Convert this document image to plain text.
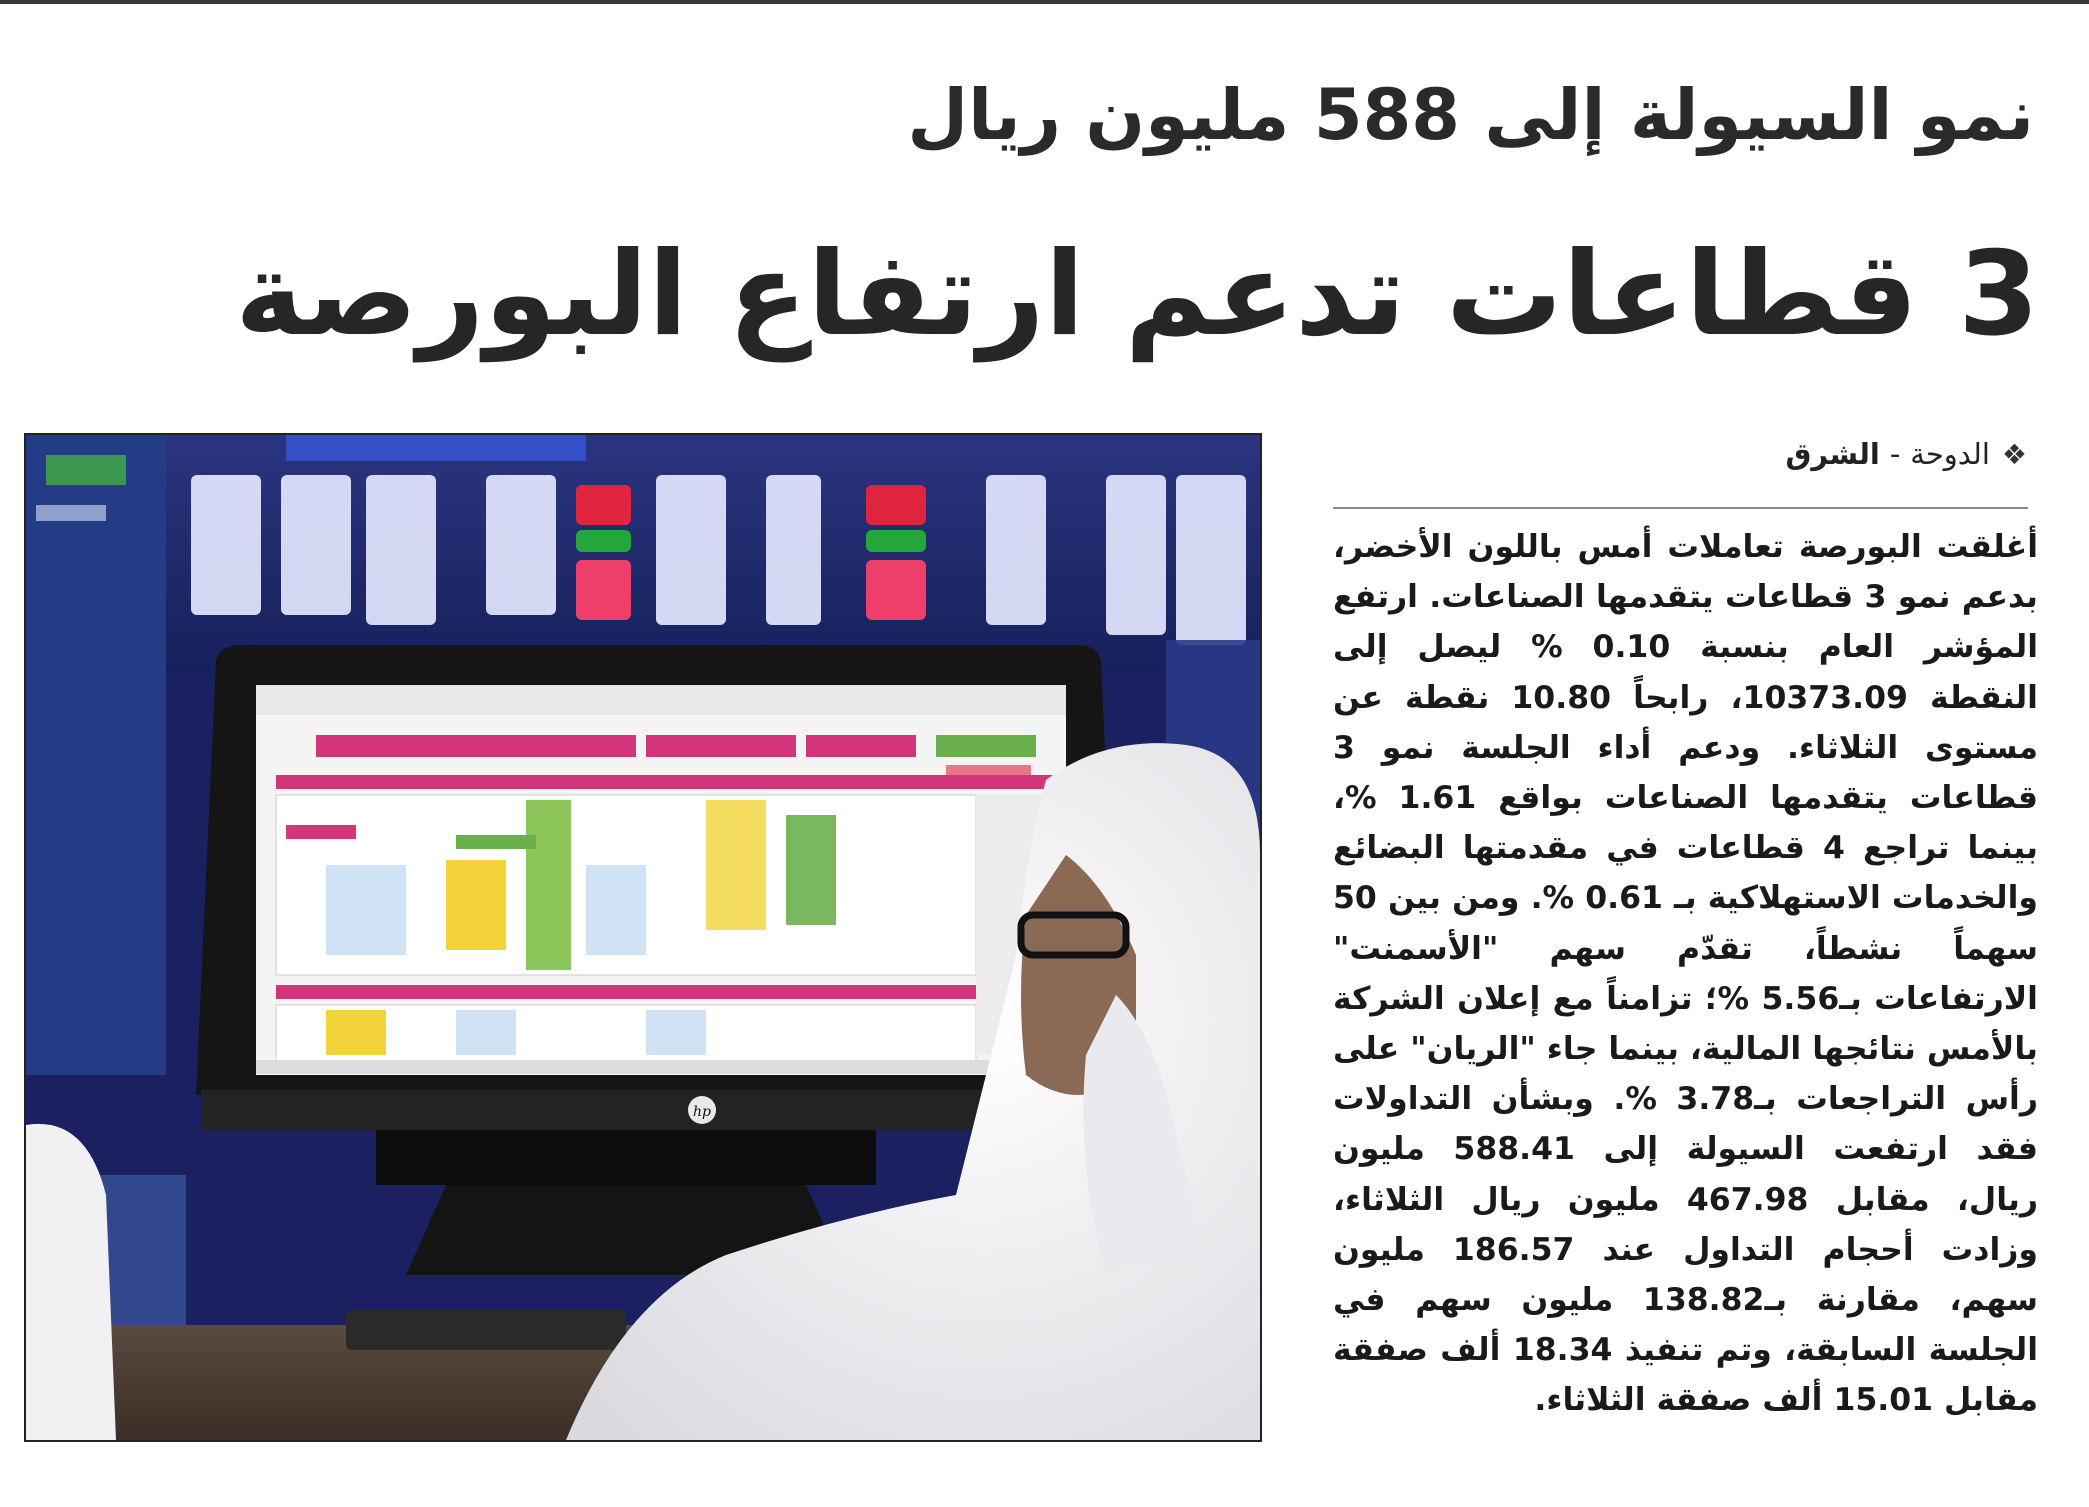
نمو السيولة إلى 588 مليون ريال
3 قطاعات تدعم ارتفاع البورصة
hp
❖الدوحة-الشرق
أغلقت البورصة تعاملات أمس باللون الأخضر، بدعم نمو 3 قطاعات يتقدمها الصناعات. ارتفع المؤشر العام بنسبة 0.10 % ليصل إلى النقطة 10373.09، رابحاً 10.80 نقطة عن مستوى الثلاثاء. ودعم أداء الجلسة نمو 3 قطاعات يتقدمها الصناعات بواقع 1.61 %، بينما تراجع 4 قطاعات في مقدمتها البضائع والخدمات الاستهلاكية بـ 0.61 %. ومن بين 50 سهماً نشطاً، تقدّم سهم "الأسمنت" الارتفاعات بـ5.56 %؛ تزامناً مع إعلان الشركة بالأمس نتائجها المالية، بينما جاء "الريان" على رأس التراجعات بـ3.78 %. وبشأن التداولات فقد ارتفعت السيولة إلى 588.41 مليون ريال، مقابل 467.98 مليون ريال الثلاثاء، وزادت أحجام التداول عند 186.57 مليون سهم، مقارنة بـ138.82 مليون سهم في الجلسة السابقة، وتم تنفيذ 18.34 ألف صفقة مقابل 15.01 ألف صفقة الثلاثاء.
